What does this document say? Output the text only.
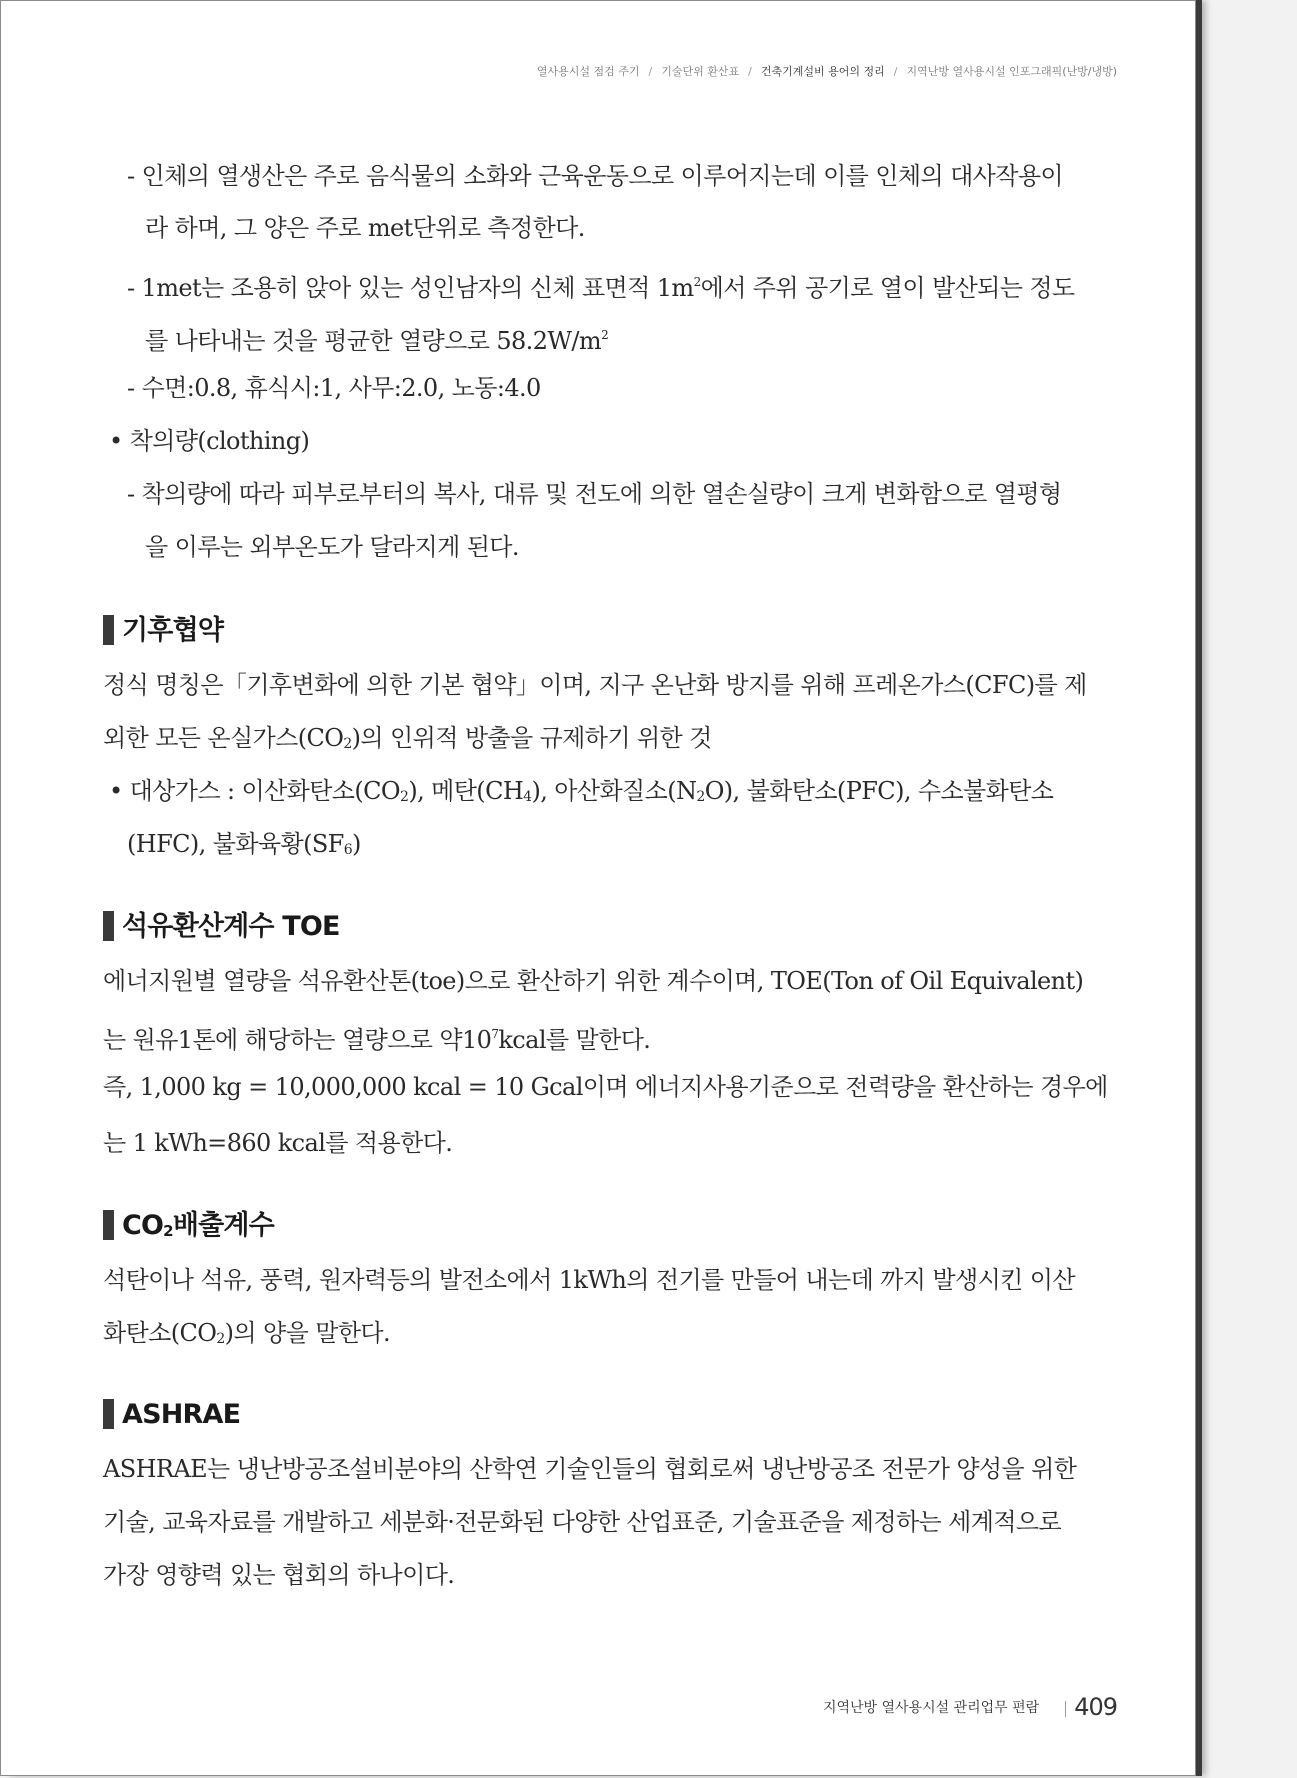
열사용시설 점검 주기 / 기술단위 환산표 / 건축기계설비 용어의 정리 / 지역난방 열사용시설 인포그래픽(난방/냉방)
- 인체의 열생산은 주로 음식물의 소화와 근육운동으로 이루어지는데 이를 인체의 대사작용이
라 하며, 그 양은 주로 met단위로 측정한다.
- 1met는 조용히 앉아 있는 성인남자의 신체 표면적 $1m^2$에서 주위 공기로 열이 발산되는 정도
를 나타내는 것을 평균한 열량으로 $58.2W/m^2$
- 수면:0.8, 휴식시:1, 사무:2.0, 노동:4.0
• 착의량(clothing)
- 착의량에 따라 피부로부터의 복사, 대류 및 전도에 의한 열손실량이 크게 변화함으로 열평형
을 이루는 외부온도가 달라지게 된다.
기후협약
정식 명칭은「기후변화에 의한 기본 협약」이며, 지구 온난화 방지를 위해 프레온가스(CFC)를 제
외한 모든 온실가스$(CO_2)$의 인위적 방출을 규제하기 위한 것
• 대상가스 : 이산화탄소$(CO_2)$, 메탄$(CH_4)$, 아산화질소$(N_2O)$, 불화탄소(PFC), 수소불화탄소
(HFC), 불화육황$(SF_6)$
석유환산계수 TOE
에너지원별 열량을 석유환산톤(toe)으로 환산하기 위한 계수이며, TOE(Ton of Oil Equivalent)
는 원유1톤에 해당하는 열량으로 약$10^7kcal$를 말한다.
즉, 1,000 kg = 10,000,000 kcal = 10 Gcal이며 에너지사용기준으로 전력량을 환산하는 경우에
는 1 kWh=860 kcal를 적용한다.
$CO_2$배출계수
석탄이나 석유, 풍력, 원자력등의 발전소에서 1kWh의 전기를 만들어 내는데 까지 발생시킨 이산
화탄소$(CO_2)$의 양을 말한다.
ASHRAE
ASHRAE는 냉난방공조설비분야의 산학연 기술인들의 협회로써 냉난방공조 전문가 양성을 위한
기술, 교육자료를 개발하고 세분화·전문화된 다양한 산업표준, 기술표준을 제정하는 세계적으로
가장 영향력 있는 협회의 하나이다.
지역난방 열사용시설 관리업무 편람 409
